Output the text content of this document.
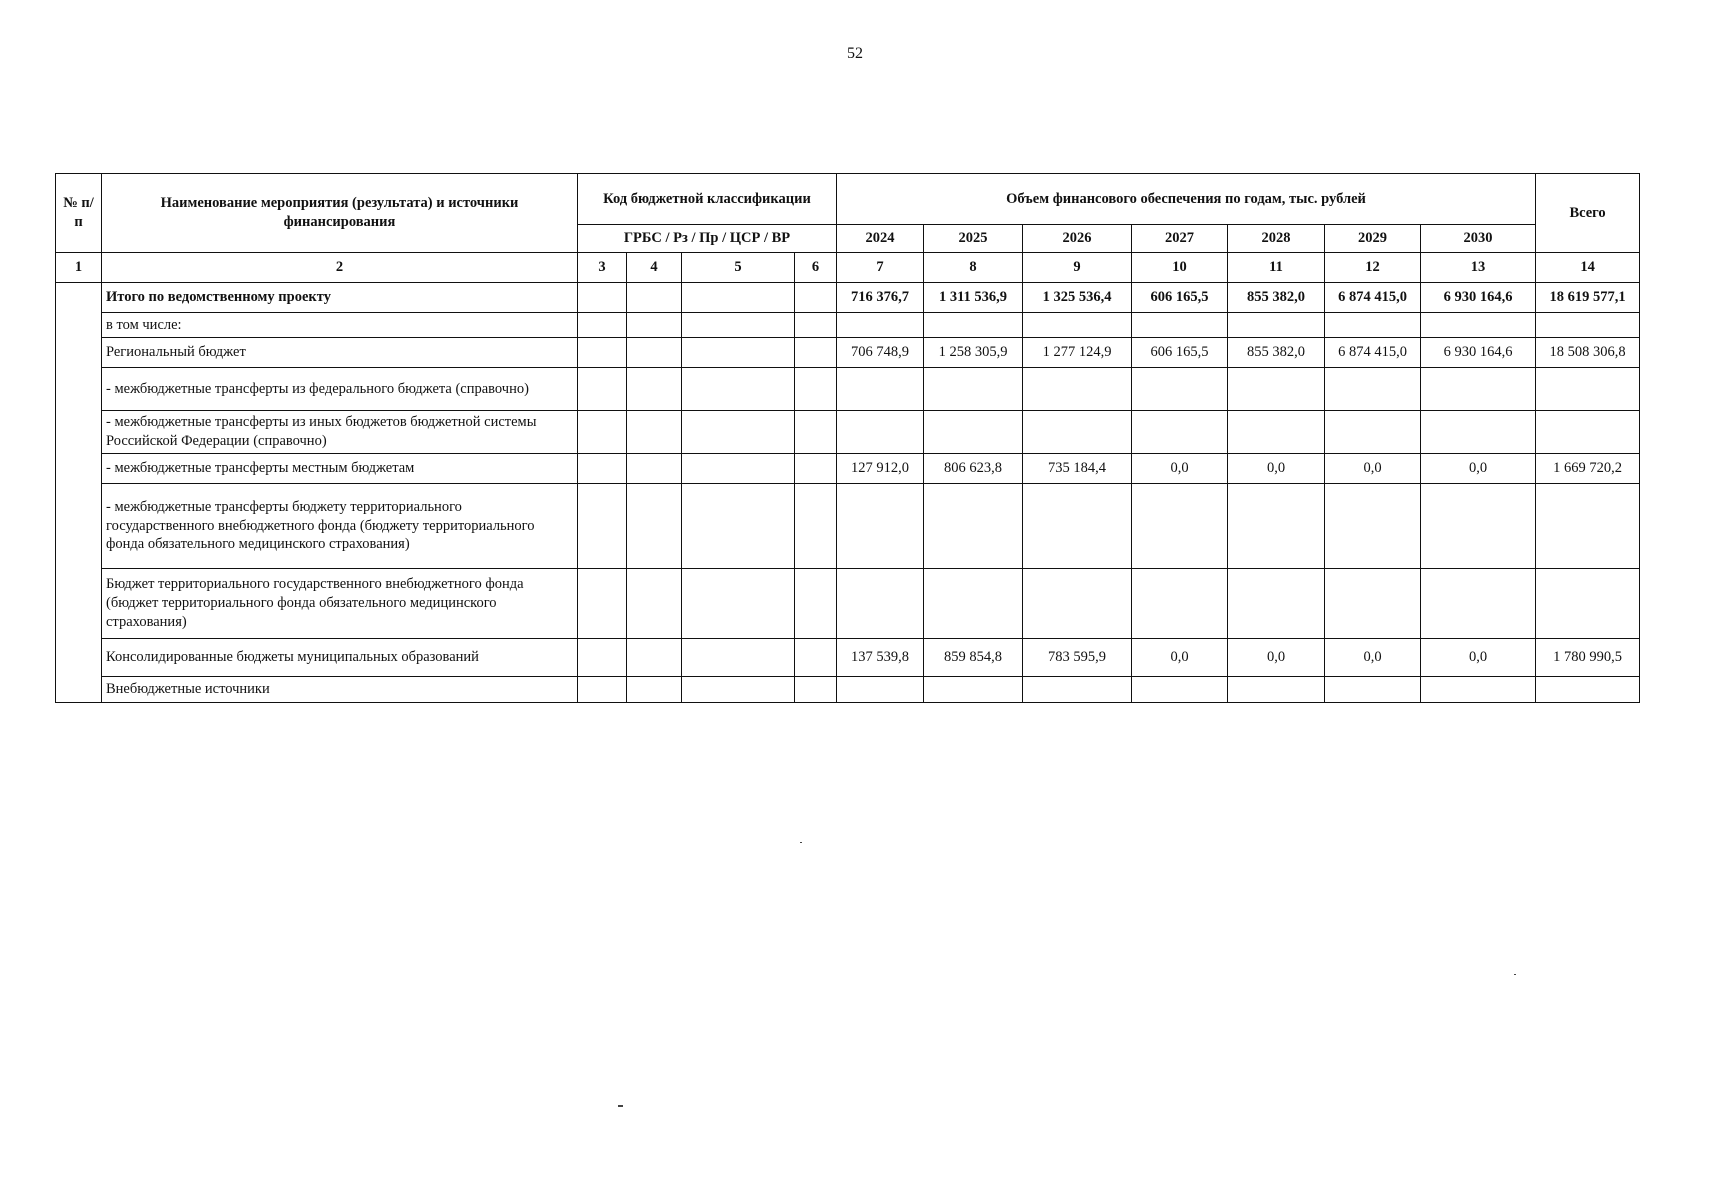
52
№ п/п	Наименование мероприятия (результата) и источники финансирования	Код бюджетной классификации				Объем финансового обеспечения по годам, тыс. рублей							Всего
		ГРБС / Рз / Пр / ЦСР / ВР				2024	2025	2026	2027	2028	2029	2030	
1	2	3	4	5	6	7	8	9	10	11	12	13	14
	Итого по ведомственному проекту					716 376,7	1 311 536,9	1 325 536,4	606 165,5	855 382,0	6 874 415,0	6 930 164,6	18 619 577,1
	в том числе:												
	Региональный бюджет					706 748,9	1 258 305,9	1 277 124,9	606 165,5	855 382,0	6 874 415,0	6 930 164,6	18 508 306,8
	- межбюджетные трансферты из федерального бюджета (справочно)												
	- межбюджетные трансферты из иных бюджетов бюджетной системы Российской Федерации (справочно)												
	- межбюджетные трансферты местным бюджетам					127 912,0	806 623,8	735 184,4	0,0	0,0	0,0	0,0	1 669 720,2
	- межбюджетные трансферты бюджету территориального государственного внебюджетного фонда (бюджету территориального фонда обязательного медицинского страхования)												
	Бюджет территориального государственного внебюджетного фонда (бюджет территориального фонда обязательного медицинского страхования)												
	Консолидированные бюджеты муниципальных образований					137 539,8	859 854,8	783 595,9	0,0	0,0	0,0	0,0	1 780 990,5
	Внебюджетные источники												
